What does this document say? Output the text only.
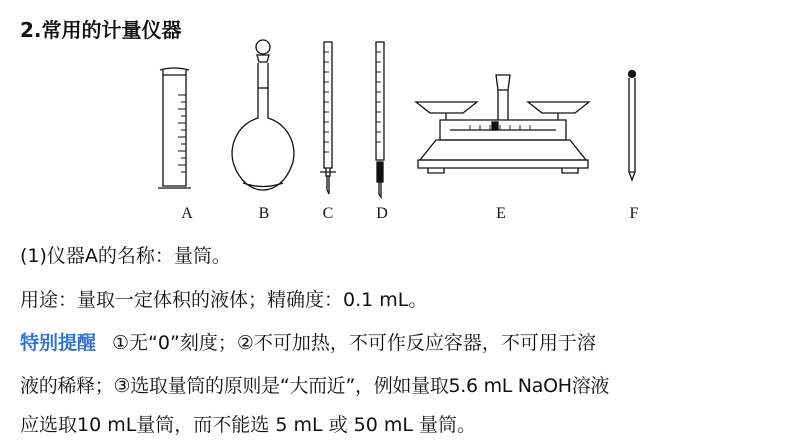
2.常用的计量仪器
A	B	C	D	E	F
(1)仪器A的名称：量筒。
用途：量取一定体积的液体；精确度：0.1 mL。
特别提醒 ①无“0”刻度；②不可加热，不可作反应容器，不可用于溶
液的稀释；③选取量筒的原则是“大而近”，例如量取5.6 mL NaOH溶液
应选取10 mL量筒，而不能选 5 mL 或 50 mL 量筒。
